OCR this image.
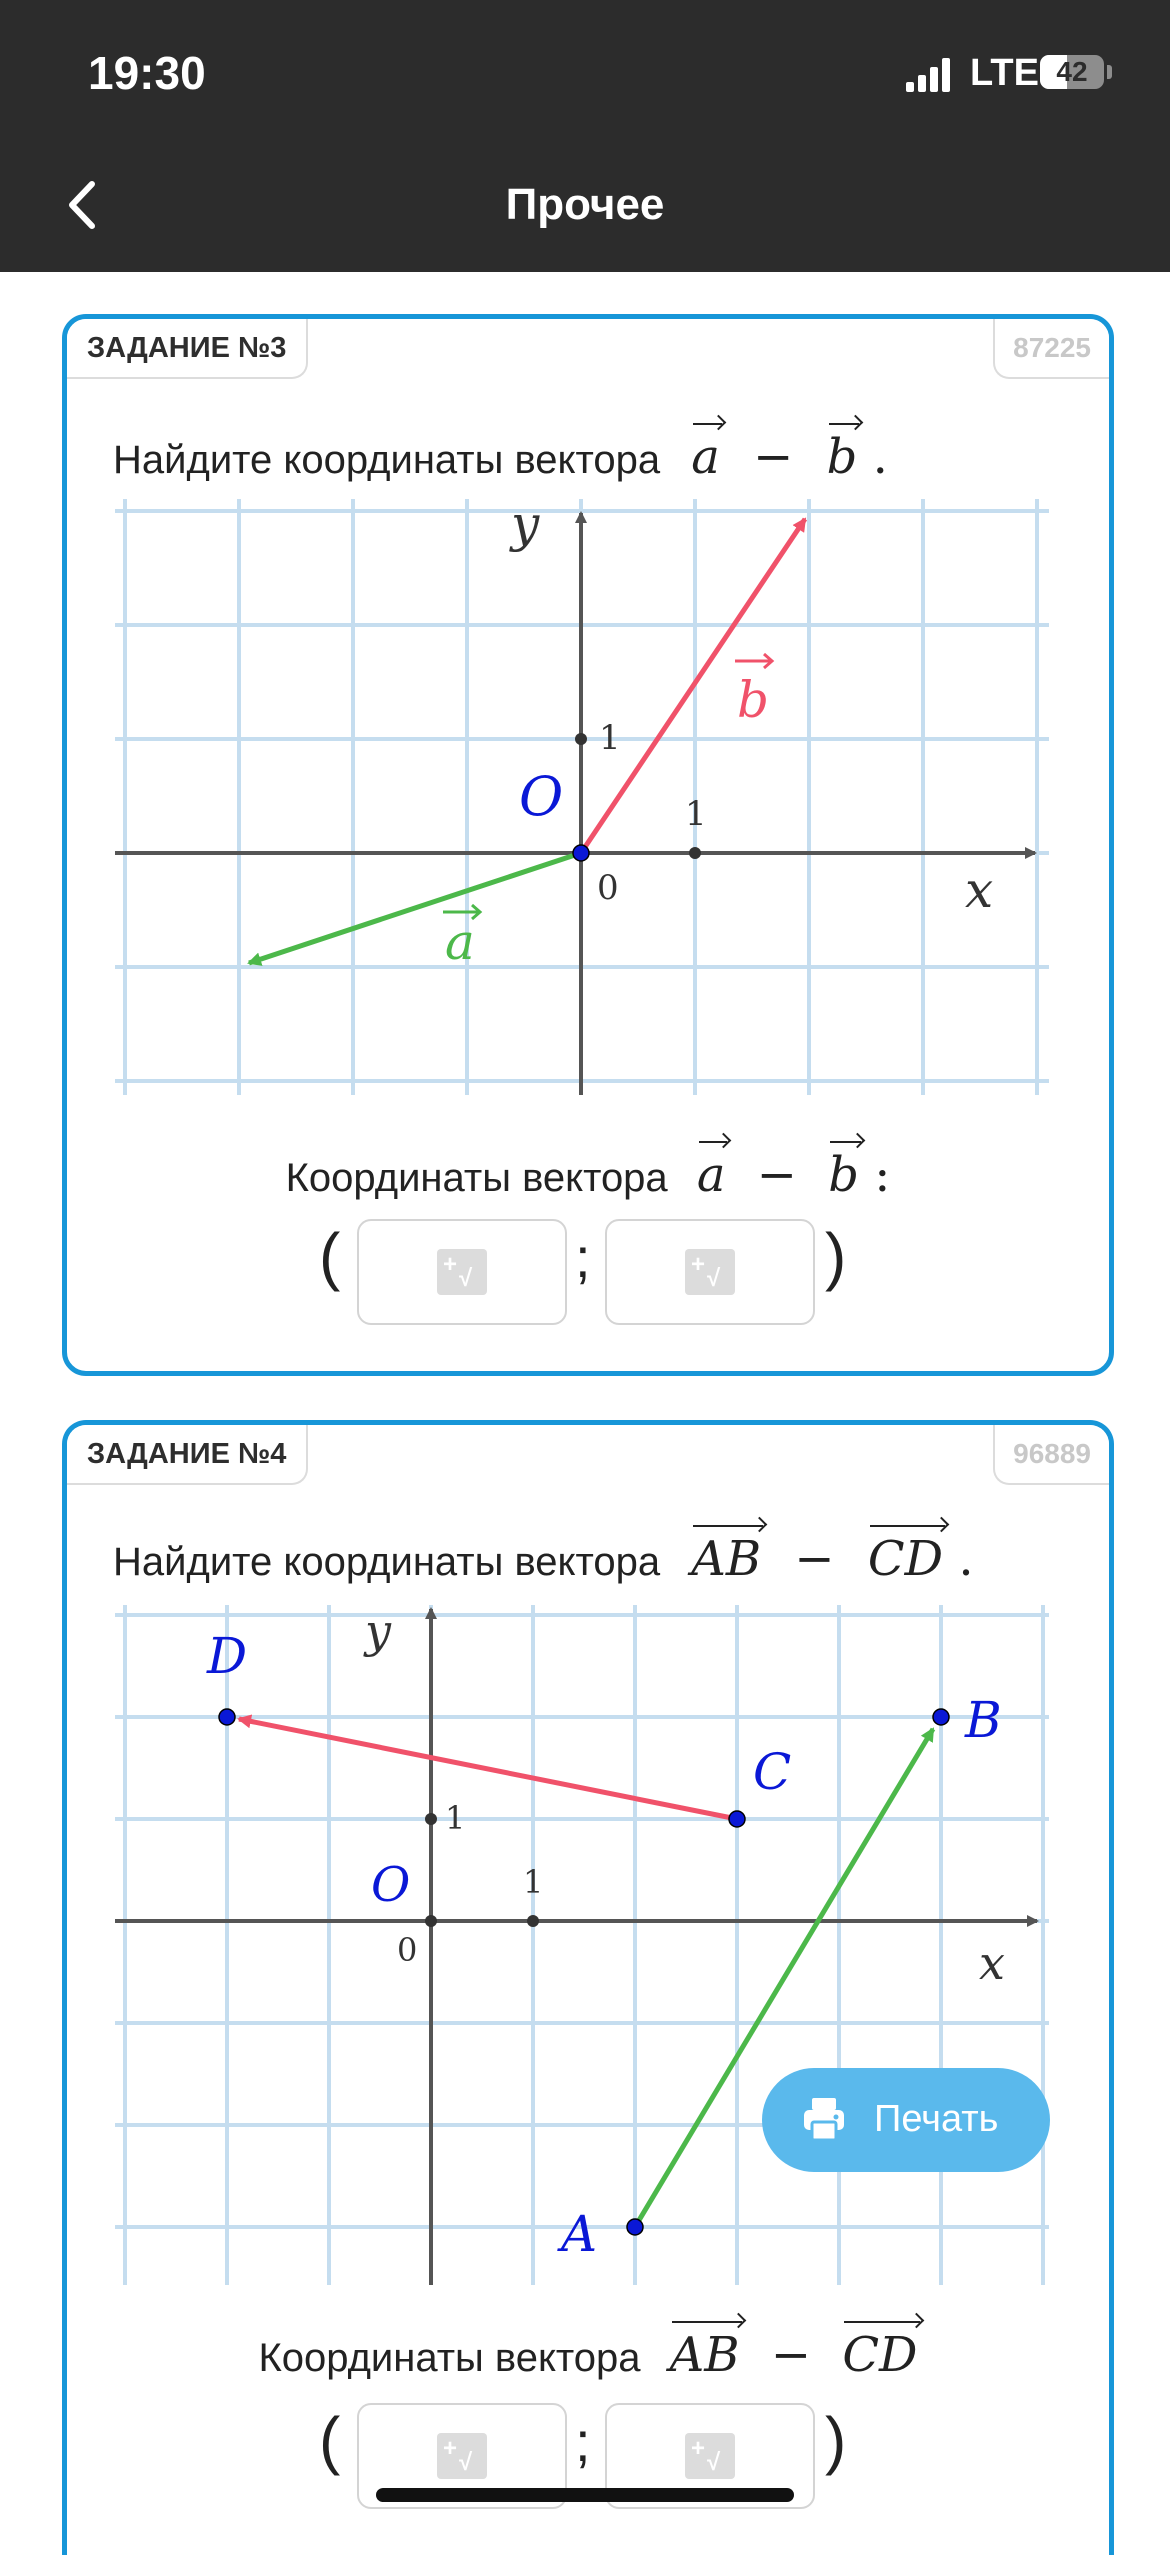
19:30	LTE 42
Прочее
ЗАДАНИЕ №3	87225
Найдите координаты вектора a − b .
1
1
O
0
y
x
a
b
Координаты вектора a − b :
(	+
√ ;	+
√ )
ЗАДАНИЕ №4	96889
Найдите координаты вектора AB − CD .
1
1
O
0
y
x
A
B
C
D
Координаты вектора AB − CD
(	+
√ ;	+
√ )
Печать
